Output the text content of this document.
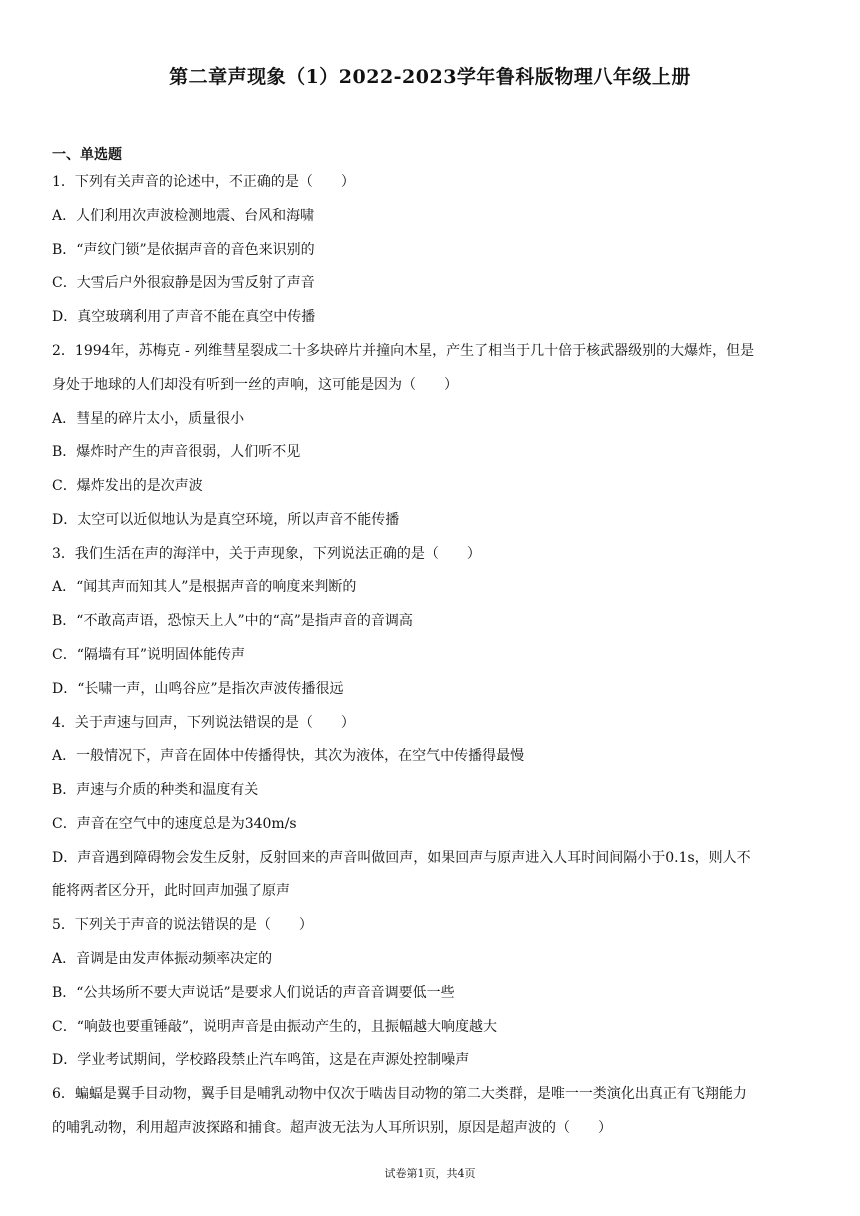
第二章声现象（1）2022-2023学年鲁科版物理八年级上册
一、单选题
1．下列有关声音的论述中，不正确的是（　　）
A．人们利用次声波检测地震、台风和海啸
B．“声纹门锁”是依据声音的音色来识别的
C．大雪后户外很寂静是因为雪反射了声音
D．真空玻璃利用了声音不能在真空中传播
2．1994年，苏梅克 - 列维彗星裂成二十多块碎片并撞向木星，产生了相当于几十倍于核武器级别的大爆炸，但是
身处于地球的人们却没有听到一丝的声响，这可能是因为（　　）
A．彗星的碎片太小，质量很小
B．爆炸时产生的声音很弱，人们听不见
C．爆炸发出的是次声波
D．太空可以近似地认为是真空环境，所以声音不能传播
3．我们生活在声的海洋中，关于声现象，下列说法正确的是（　　）
A．“闻其声而知其人”是根据声音的响度来判断的
B．“不敢高声语，恐惊天上人”中的“高”是指声音的音调高
C．“隔墙有耳”说明固体能传声
D．“长啸一声，山鸣谷应”是指次声波传播很远
4．关于声速与回声，下列说法错误的是（　　）
A．一般情况下，声音在固体中传播得快，其次为液体，在空气中传播得最慢
B．声速与介质的种类和温度有关
C．声音在空气中的速度总是为340m/s
D．声音遇到障碍物会发生反射，反射回来的声音叫做回声，如果回声与原声进入人耳时间间隔小于0.1s，则人不
能将两者区分开，此时回声加强了原声
5．下列关于声音的说法错误的是（　　）
A．音调是由发声体振动频率决定的
B．“公共场所不要大声说话”是要求人们说话的声音音调要低一些
C．“响鼓也要重锤敲”，说明声音是由振动产生的，且振幅越大响度越大
D．学业考试期间，学校路段禁止汽车鸣笛，这是在声源处控制噪声
6．蝙蝠是翼手目动物，翼手目是哺乳动物中仅次于啮齿目动物的第二大类群，是唯一一类演化出真正有飞翔能力
的哺乳动物，利用超声波探路和捕食。超声波无法为人耳所识别，原因是超声波的（　　）
试卷第1页，共4页
